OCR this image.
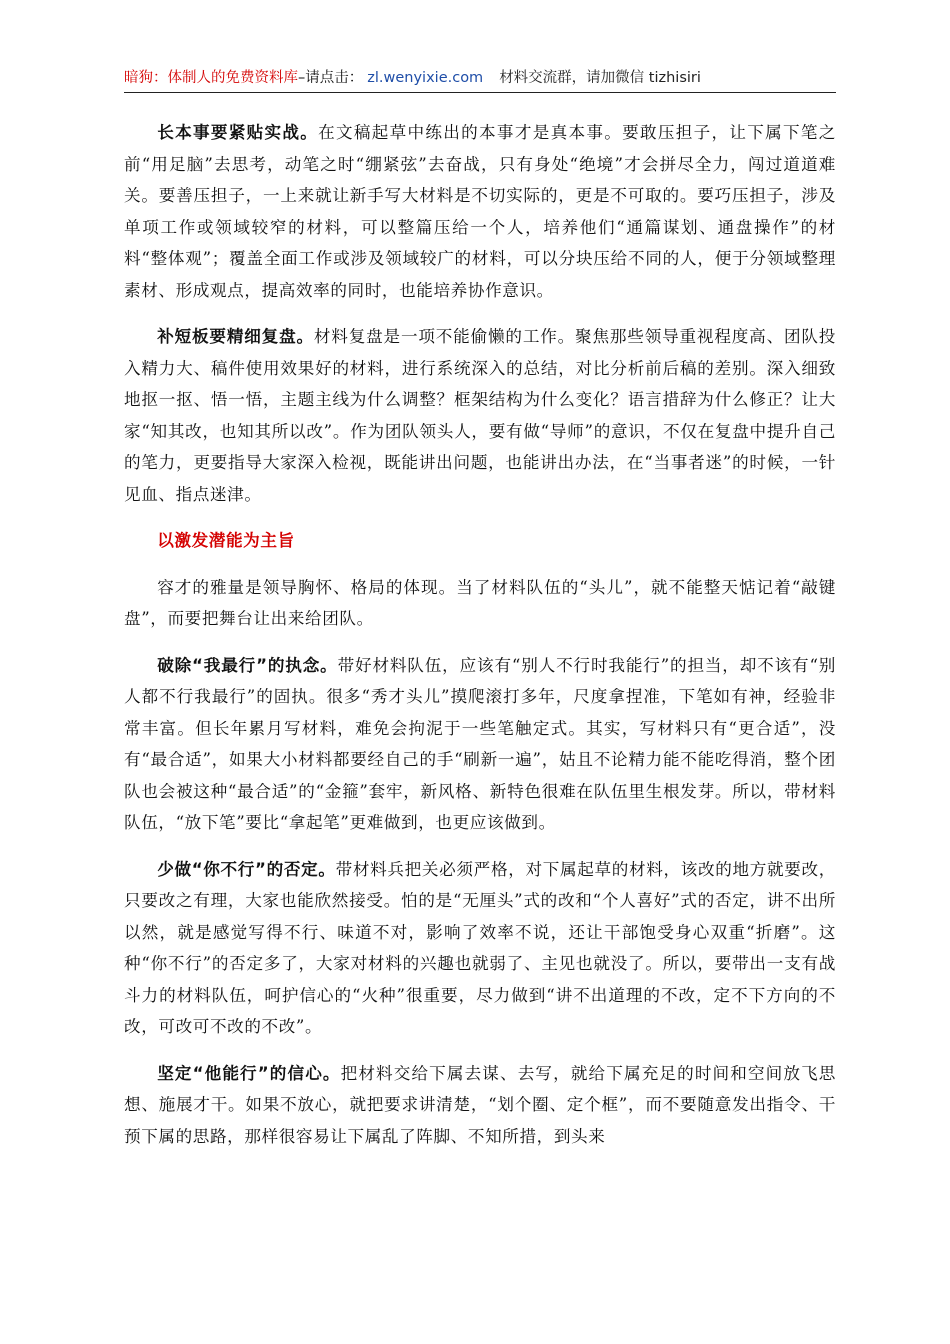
暗狗：体制人的免费资料库–请点击： zl.wenyixie.com 材料交流群，请加微信 tizhisiri

长本事要紧贴实战。在文稿起草中练出的本事才是真本事。要敢压担子，让下属下笔之前“用足脑”去思考，动笔之时“绷紧弦”去奋战，只有身处“绝境”才会拼尽全力，闯过道道难关。要善压担子，一上来就让新手写大材料是不切实际的，更是不可取的。要巧压担子，涉及单项工作或领域较窄的材料，可以整篇压给一个人，培养他们“通篇谋划、通盘操作”的材料“整体观”；覆盖全面工作或涉及领域较广的材料，可以分块压给不同的人，便于分领域整理素材、形成观点，提高效率的同时，也能培养协作意识。

补短板要精细复盘。材料复盘是一项不能偷懒的工作。聚焦那些领导重视程度高、团队投入精力大、稿件使用效果好的材料，进行系统深入的总结，对比分析前后稿的差别。深入细致地抠一抠、悟一悟，主题主线为什么调整？框架结构为什么变化？语言措辞为什么修正？让大家“知其改，也知其所以改”。作为团队领头人，要有做“导师”的意识，不仅在复盘中提升自己的笔力，更要指导大家深入检视，既能讲出问题，也能讲出办法，在“当事者迷”的时候，一针见血、指点迷津。

以激发潜能为主旨

容才的雅量是领导胸怀、格局的体现。当了材料队伍的“头儿”，就不能整天惦记着“敲键盘”，而要把舞台让出来给团队。

破除“我最行”的执念。带好材料队伍，应该有“别人不行时我能行”的担当，却不该有“别人都不行我最行”的固执。很多“秀才头儿”摸爬滚打多年，尺度拿捏准，下笔如有神，经验非常丰富。但长年累月写材料，难免会拘泥于一些笔触定式。其实，写材料只有“更合适”，没有“最合适”，如果大小材料都要经自己的手“刷新一遍”，姑且不论精力能不能吃得消，整个团队也会被这种“最合适”的“金箍”套牢，新风格、新特色很难在队伍里生根发芽。所以，带材料队伍，“放下笔”要比“拿起笔”更难做到，也更应该做到。

少做“你不行”的否定。带材料兵把关必须严格，对下属起草的材料，该改的地方就要改，只要改之有理，大家也能欣然接受。怕的是“无厘头”式的改和“个人喜好”式的否定，讲不出所以然，就是感觉写得不行、味道不对，影响了效率不说，还让干部饱受身心双重“折磨”。这种“你不行”的否定多了，大家对材料的兴趣也就弱了、主见也就没了。所以，要带出一支有战斗力的材料队伍，呵护信心的“火种”很重要，尽力做到“讲不出道理的不改，定不下方向的不改，可改可不改的不改”。

坚定“他能行”的信心。把材料交给下属去谋、去写，就给下属充足的时间和空间放飞思想、施展才干。如果不放心，就把要求讲清楚，“划个圈、定个框”，而不要随意发出指令、干预下属的思路，那样很容易让下属乱了阵脚、不知所措，到头来
